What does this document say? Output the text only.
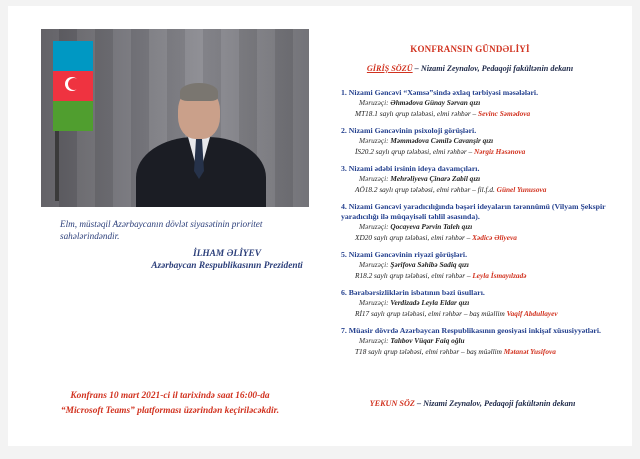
Elm, müstəqil Azərbaycanın dövlət siyasətinin prioritet sahələrindəndir.
İLHAM ƏLİYEV
Azərbaycan Respublikasının Prezidenti
Konfrans 10 mart 2021-ci il tarixində saat 16:00-da
“Microsoft Teams” platforması üzərindən keçiriləcəkdir.
KONFRANSIN GÜNDƏLİYİ
GİRİŞ SÖZÜ – Nizami Zeynalov, Pedaqoji fakültənin dekanı
1. Nizami Gəncəvi “Xəmsə”sində əxlaq tərbiyəsi məsələləri.
Məruzəçi: Əhmədova Günay Sərvan qızı
MT18.1 saylı qrup tələbəsi, elmi rəhbər – Sevinc Səmədova
2. Nizami Gəncəvinin psixoloji görüşləri.
Məruzəçi: Məmmədova Cəmilə Cavanşir qızı
İS20.2 saylı qrup tələbəsi, elmi rəhbər – Nərgiz Həsənova
3. Nizami ədəbi irsinin ideya davamçıları.
Məruzəçi: Mehrəliyeva Çinarə Zabil qızı
AÖ18.2 saylı qrup tələbəsi, elmi rəhbər – fil.f.d. Günel Yunusova
4. Nizami Gəncəvi yaradıcılığında bəşəri ideyaların tərənnümü (Vilyam Şekspir yaradıcılığı ilə müqayisəli təhlil əsasında).
Məruzəçi: Qocayeva Pərvin Taleh qızı
XD20 saylı qrup tələbəsi, elmi rəhbər – Xədicə Əliyeva
5. Nizami Gəncəvinin riyazi görüşləri.
Məruzəçi: Şərifova Səhibə Sadiq qızı
R18.2 saylı qrup tələbəsi, elmi rəhbər – Leyla İsmayılzadə
6. Bərabərsizliklərin isbatının bəzi üsulları.
Məruzəçi: Verdizadə Leyla Eldar qızı
Rİ17 saylı qrup tələbəsi, elmi rəhbər – baş müəllim Vaqif Abdullayev
7. Müasir dövrdə Azərbaycan Respublikasının geosiyasi inkişaf xüsusiyyətləri.
Məruzəçi: Talıbov Vüqar Faiq oğlu
T18 saylı qrup tələbəsi, elmi rəhbər – baş müəllim Mətanət Yusifova
YEKUN SÖZ – Nizami Zeynalov, Pedaqoji fakültənin dekanı
